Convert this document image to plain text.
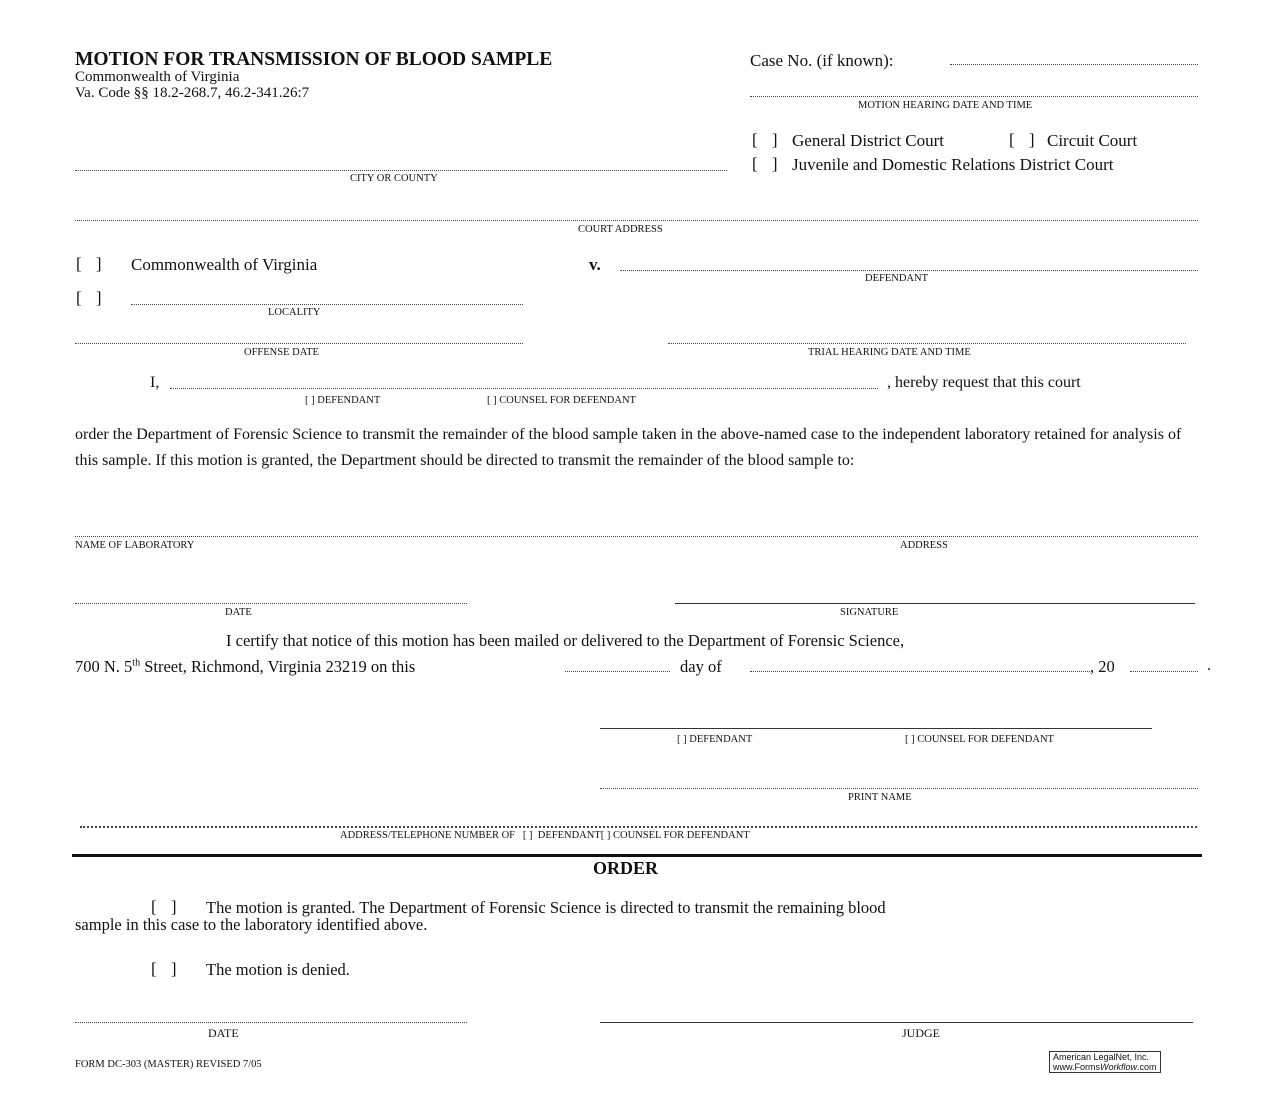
MOTION FOR TRANSMISSION OF BLOOD SAMPLE
Commonwealth of Virginia
Va. Code §§ 18.2-268.7, 46.2-341.26:7
Case No. (if known):
MOTION HEARING DATE AND TIME
[ ] General District Court	[ ] Circuit Court
[ ] Juvenile and Domestic Relations District Court
CITY OR COUNTY
COURT ADDRESS
[ ] Commonwealth of Virginia	v.
DEFENDANT
[ ]
LOCALITY
OFFENSE DATE	TRIAL HEARING DATE AND TIME
I,	, hereby request that this court
[ ] DEFENDANT	[ ] COUNSEL FOR DEFENDANT
order the Department of Forensic Science to transmit the remainder of the blood sample taken in the above-named case to the independent laboratory retained for analysis of this sample. If this motion is granted, the Department should be directed to transmit the remainder of the blood sample to:
NAME OF LABORATORY	ADDRESS
DATE	SIGNATURE
I certify that notice of this motion has been mailed or delivered to the Department of Forensic Science,
700 N. 5th Street, Richmond, Virginia 23219 on this	day of	, 20	.
[ ] DEFENDANT	[ ] COUNSEL FOR DEFENDANT
PRINT NAME
ADDRESS/TELEPHONE NUMBER OF [ ] DEFENDANT[ ] COUNSEL FOR DEFENDANT
ORDER
[ ] The motion is granted. The Department of Forensic Science is directed to transmit the remaining blood
sample in this case to the laboratory identified above.
[ ] The motion is denied.
DATE	JUDGE
FORM DC-303 (MASTER) REVISED 7/05
American LegalNet, Inc.
www.FormsWorkflow.com
